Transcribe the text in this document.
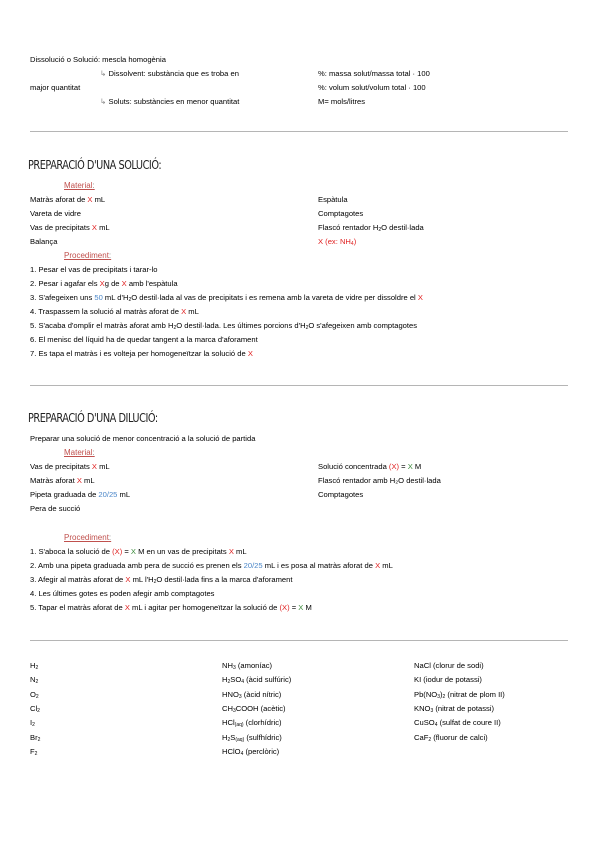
Dissolució o Solució: mescla homogènia
↳ Dissolvent: substància que es troba en
major quantitat
↳ Soluts: substàncies en menor quantitat
%: massa solut/massa total · 100
%: volum solut/volum total · 100
M= mols/litres
PREPARACIÓ D'UNA SOLUCIÓ:
Material:
Matràs aforat de X mL
Vareta de vidre
Vas de precipitats X mL
Balança
Espàtula
Comptagotes
Flascó rentador $H_2O$ destil·lada
X (ex: $NH_4$)
Procediment:
1. Pesar el vas de precipitats i tarar-lo
2. Pesar i agafar els Xg de X amb l'espàtula
3. S'afegeixen uns 50 mL $d'H_2O$ destil·lada al vas de precipitats i es remena amb la vareta de vidre per dissoldre el X
4. Traspassem la solució al matràs aforat de X mL
5. S'acaba d'omplir el matràs aforat amb $H_2O$ destil·lada. Les últimes porcions $d'H_2O$ s'afegeixen amb comptagotes
6. El menisc del líquid ha de quedar tangent a la marca d'aforament
7. Es tapa el matràs i es volteja per homogeneïtzar la solució de X
PREPARACIÓ D'UNA DILUCIÓ:
Preparar una solució de menor concentració a la solució de partida
Material:
Vas de precipitats X mL
Matràs aforat X mL
Pipeta graduada de 20/25 mL
Pera de succió
Solució concentrada (X) = X M
Flascó rentador amb H₂O destil·lada
Comptagotes
Procediment:
1. S'aboca la solució de (X) = X M en un vas de precipitats X mL
2. Amb una pipeta graduada amb pera de succió es prenen els 20/25 mL i es posa al matràs aforat de X mL
3. Afegir al matràs aforat de X mL $l'H_2O$ destil·lada fins a la marca d'aforament
4. Les últimes gotes es poden afegir amb comptagotes
5. Tapar el matràs aforat de X mL i agitar per homogeneïtzar la solució de (X) = X M
$H_2$
$N_2$
$O_2$
$Cl_2$
$I_2$
$Br_2$
$F_2$
$NH_3$ (amoníac)
$H_2SO_4$ (àcid sulfúric)
$HNO_3$ (àcid nítric)
$CH_3COOH$ (acètic)
HCl$_{(aq)}$ (clorhídric)
$H_2S_{(aq)}$ (sulfhídric)
HClO$_4$ (perclòric)
NaCl (clorur de sodi)
KI (iodur de potassi)
$Pb(NO_3)_2$ (nitrat de plom II)
$KNO_3$ (nitrat de potassi)
CuSO$_4$ (sulfat de coure II)
CaF$_2$ (fluorur de calci)
